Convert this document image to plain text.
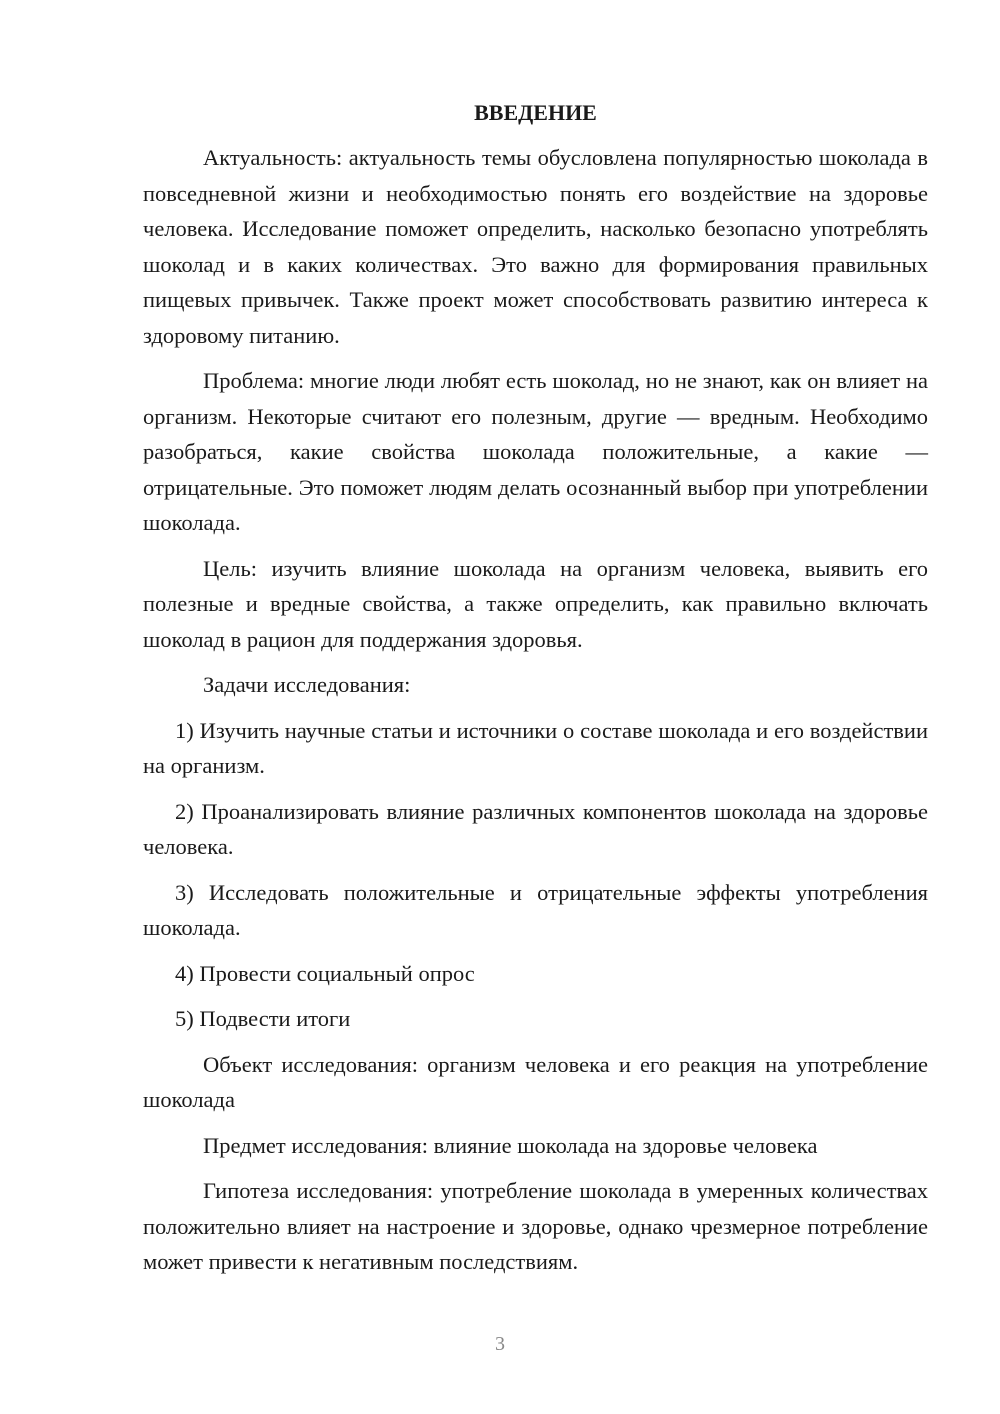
ВВЕДЕНИЕ

Актуальность: актуальность темы обусловлена популярностью шоколада в повседневной жизни и необходимостью понять его воздействие на здоровье человека. Исследование поможет определить, насколько безопасно употреблять шоколад и в каких количествах. Это важно для формирования правильных пищевых привычек. Также проект может способствовать развитию интереса к здоровому питанию.

Проблема: многие люди любят есть шоколад, но не знают, как он влияет на организм. Некоторые считают его полезным, другие — вредным. Необходимо разобраться, какие свойства шоколада положительные, а какие — отрицательные. Это поможет людям делать осознанный выбор при употреблении шоколада.

Цель: изучить влияние шоколада на организм человека, выявить его полезные и вредные свойства, а также определить, как правильно включать шоколад в рацион для поддержания здоровья.

Задачи исследования:

1) Изучить научные статьи и источники о составе шоколада и его воздействии на организм.

2) Проанализировать влияние различных компонентов шоколада на здоровье человека.

3) Исследовать положительные и отрицательные эффекты употребления шоколада.

4) Провести социальный опрос

5) Подвести итоги

Объект исследования: организм человека и его реакция на употребление шоколада

Предмет исследования: влияние шоколада на здоровье человека

Гипотеза исследования: употребление шоколада в умеренных количествах положительно влияет на настроение и здоровье, однако чрезмерное потребление может привести к негативным последствиям.

3
